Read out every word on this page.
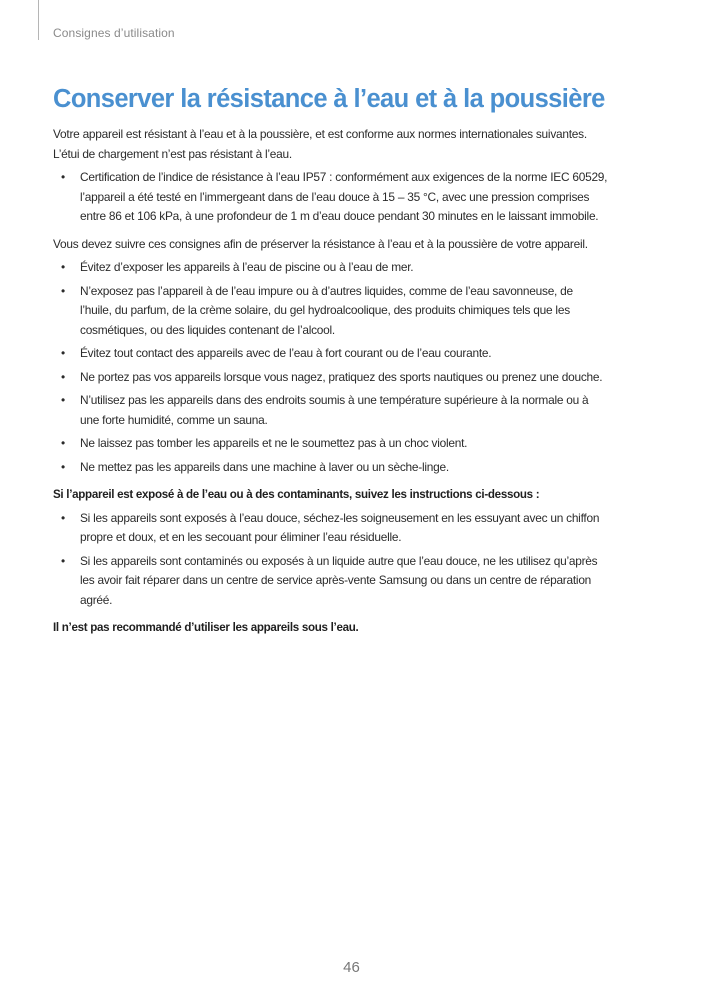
Consignes d’utilisation
Conserver la résistance à l’eau et à la poussière

Votre appareil est résistant à l’eau et à la poussière, et est conforme aux normes internationales suivantes.
L’étui de chargement n’est pas résistant à l’eau.

• Certification de l’indice de résistance à l’eau IP57 : conformément aux exigences de la norme IEC 60529,
l’appareil a été testé en l’immergeant dans de l’eau douce à 15 – 35 °C, avec une pression comprises
entre 86 et 106 kPa, à une profondeur de 1 m d’eau douce pendant 30 minutes en le laissant immobile.

Vous devez suivre ces consignes afin de préserver la résistance à l’eau et à la poussière de votre appareil.

• Évitez d’exposer les appareils à l’eau de piscine ou à l’eau de mer.
• N’exposez pas l’appareil à de l’eau impure ou à d’autres liquides, comme de l’eau savonneuse, de
l’huile, du parfum, de la crème solaire, du gel hydroalcoolique, des produits chimiques tels que les
cosmétiques, ou des liquides contenant de l’alcool.
• Évitez tout contact des appareils avec de l’eau à fort courant ou de l’eau courante.
• Ne portez pas vos appareils lorsque vous nagez, pratiquez des sports nautiques ou prenez une douche.
• N’utilisez pas les appareils dans des endroits soumis à une température supérieure à la normale ou à
une forte humidité, comme un sauna.
• Ne laissez pas tomber les appareils et ne le soumettez pas à un choc violent.
• Ne mettez pas les appareils dans une machine à laver ou un sèche-linge.

Si l’appareil est exposé à de l’eau ou à des contaminants, suivez les instructions ci-dessous :

• Si les appareils sont exposés à l’eau douce, séchez-les soigneusement en les essuyant avec un chiffon
propre et doux, et en les secouant pour éliminer l’eau résiduelle.
• Si les appareils sont contaminés ou exposés à un liquide autre que l’eau douce, ne les utilisez qu’après
les avoir fait réparer dans un centre de service après-vente Samsung ou dans un centre de réparation
agréé.

Il n’est pas recommandé d’utiliser les appareils sous l’eau.

46
